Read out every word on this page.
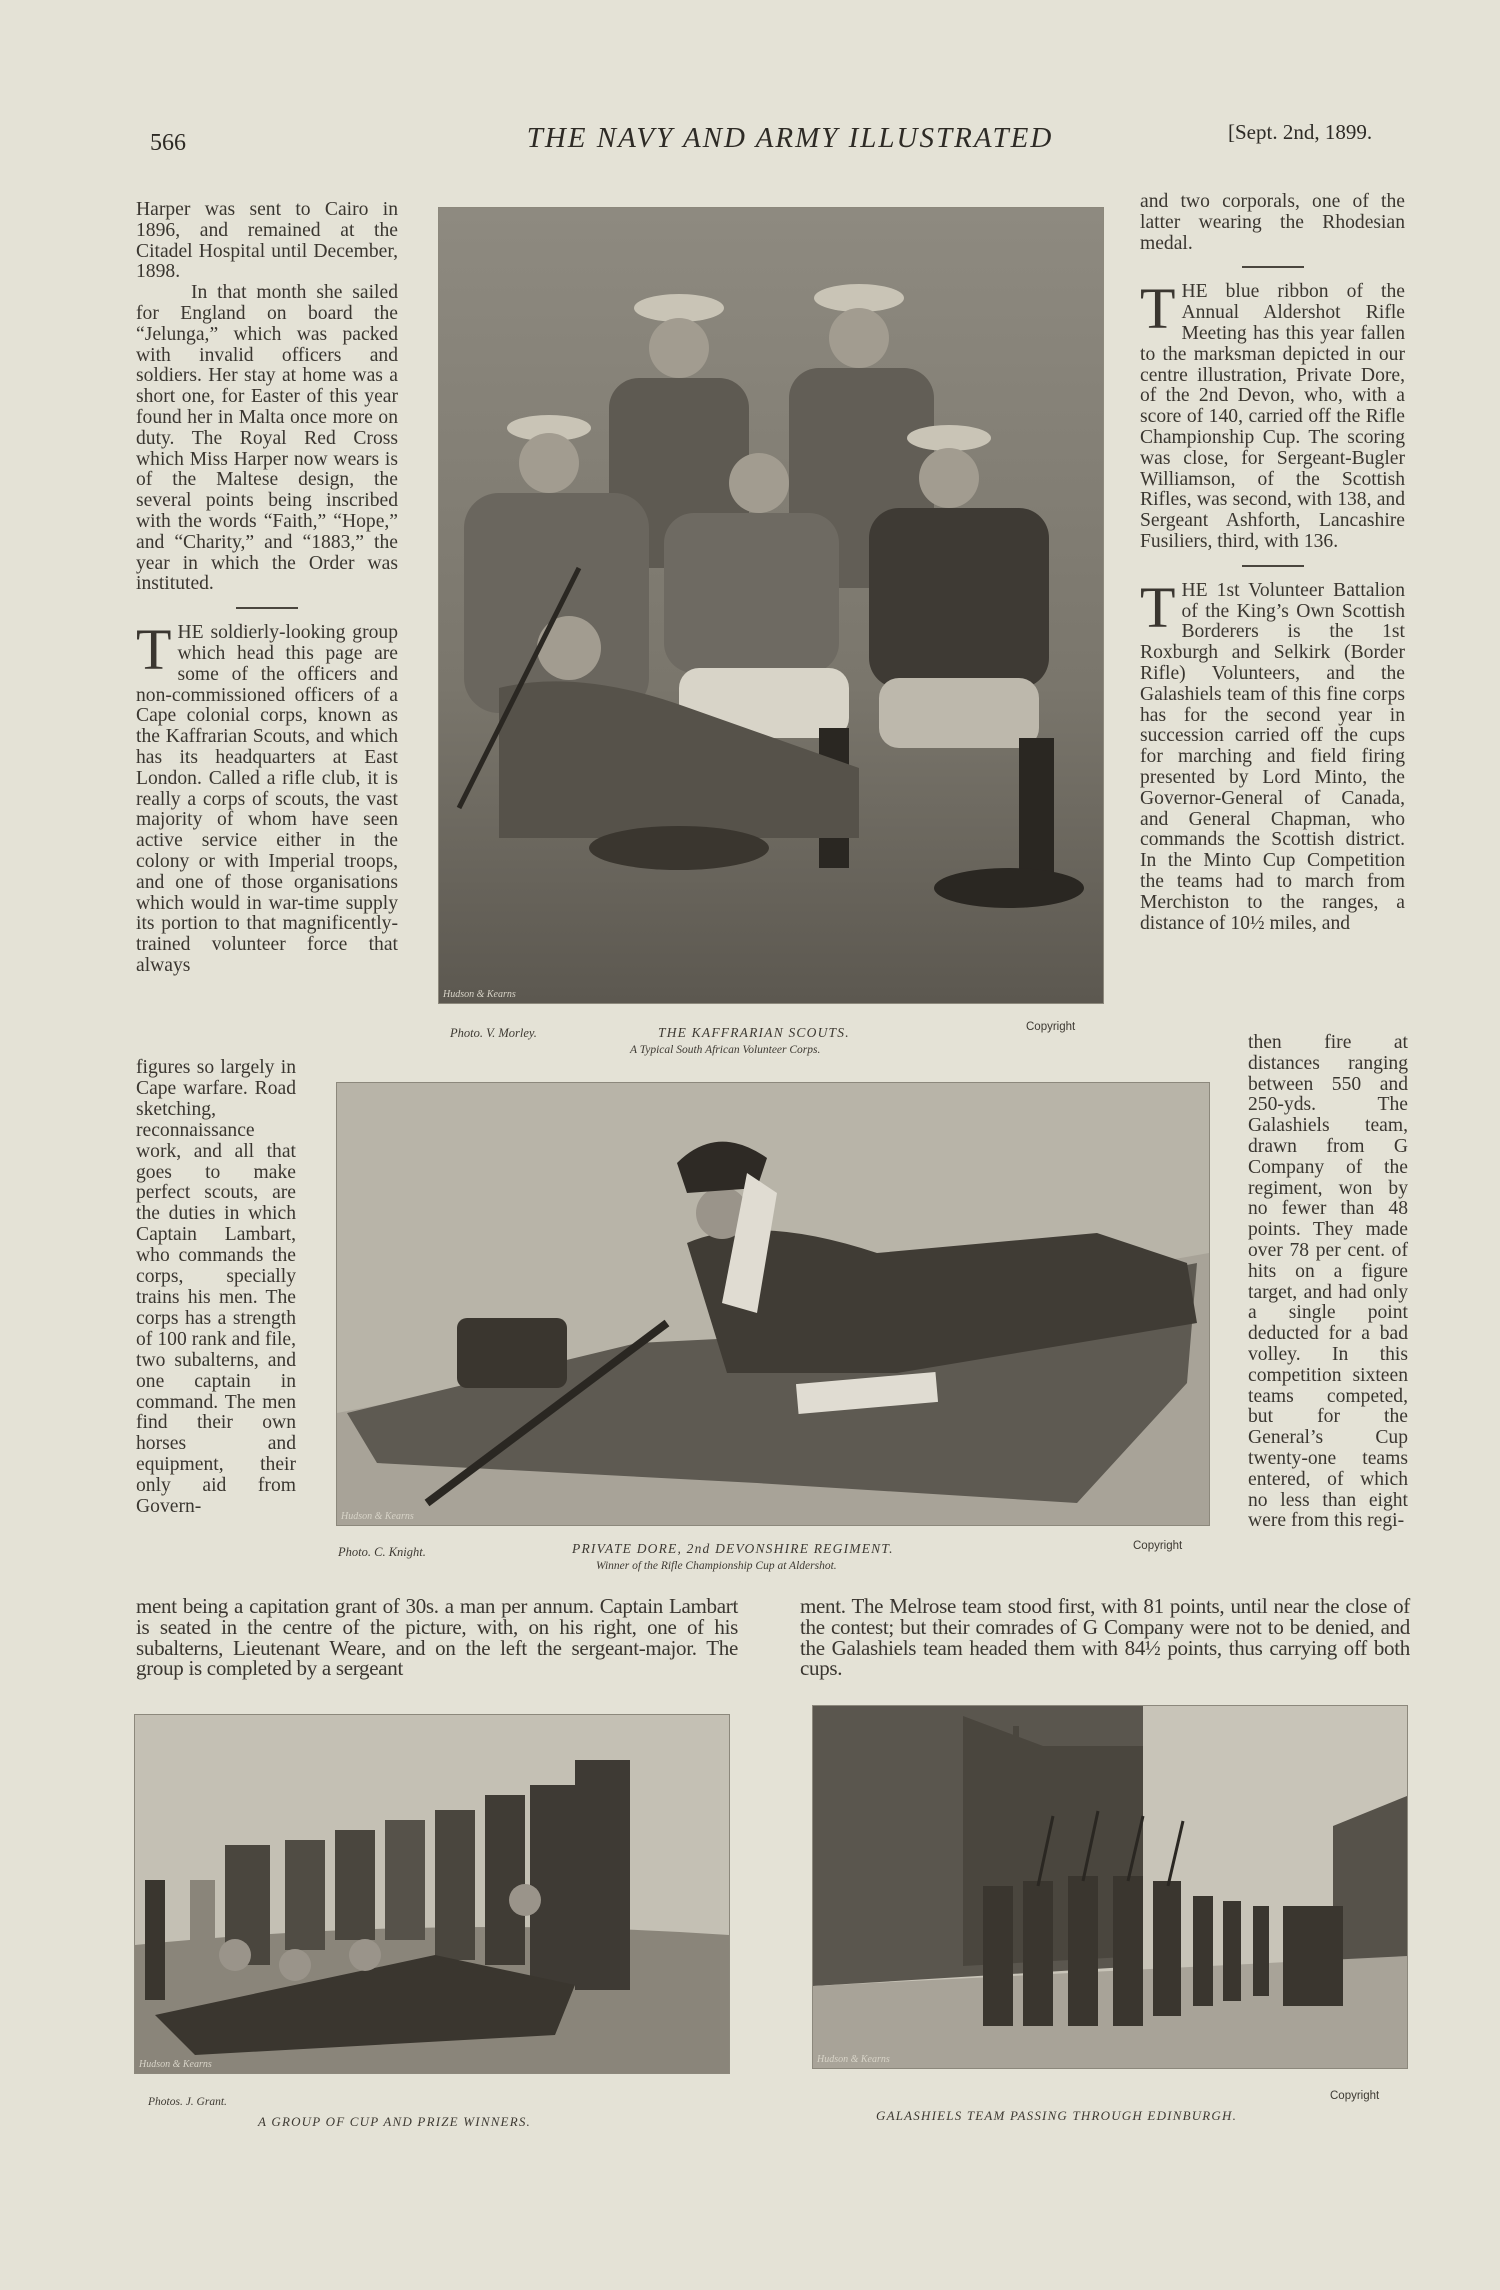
566	THE NAVY AND ARMY ILLUSTRATED	[Sept. 2nd, 1899.

Harper was sent to Cairo in 1896, and remained at the Citadel Hospital until December, 1898.

In that month she sailed for England on board the “Jelunga,” which was packed with invalid officers and soldiers. Her stay at home was a short one, for Easter of this year found her in Malta once more on duty. The Royal Red Cross which Miss Harper now wears is of the Maltese design, the several points being inscribed with the words “Faith,” “Hope,” and “Charity,” and “1883,” the year in which the Order was instituted.

THE soldierly-looking group which head this page are some of the officers and non-commissioned officers of a Cape colonial corps, known as the Kaffrarian Scouts, and which has its headquarters at East London. Called a rifle club, it is really a corps of scouts, the vast majority of whom have seen active service either in the colony or with Imperial troops, and one of those organisations which would in war-time supply its portion to that magnificently-trained volunteer force that always

figures so largely in Cape warfare. Road sketching, reconnaissance work, and all that goes to make perfect scouts, are the duties in which Captain Lambart, who commands the corps, specially trains his men. The corps has a strength of 100 rank and file, two subalterns, and one captain in command. The men find their own horses and equipment, their only aid from Govern-

ment being a capitation grant of 30s. a man per annum. Captain Lambart is seated in the centre of the picture, with, on his right, one of his subalterns, Lieutenant Weare, and on the left the sergeant-major. The group is completed by a sergeant

and two corporals, one of the latter wearing the Rhodesian medal.

THE blue ribbon of the Annual Aldershot Rifle Meeting has this year fallen to the marksman depicted in our centre illustration, Private Dore, of the 2nd Devon, who, with a score of 140, carried off the Rifle Championship Cup. The scoring was close, for Sergeant-Bugler Williamson, of the Scottish Rifles, was second, with 138, and Sergeant Ashforth, Lancashire Fusiliers, third, with 136.

THE 1st Volunteer Battalion of the King’s Own Scottish Borderers is the 1st Roxburgh and Selkirk (Border Rifle) Volunteers, and the Galashiels team of this fine corps has for the second year in succession carried off the cups for marching and field firing presented by Lord Minto, the Governor-General of Canada, and General Chapman, who commands the Scottish district. In the Minto Cup Competition the teams had to march from Merchiston to the ranges, a distance of 10½ miles, and

then fire at distances ranging between 550 and 250-yds. The Galashiels team, drawn from G Company of the regiment, won by no fewer than 48 points. They made over 78 per cent. of hits on a figure target, and had only a single point deducted for a bad volley. In this competition sixteen teams competed, but for the General’s Cup twenty-one teams entered, of which no less than eight were from this regi-

ment. The Melrose team stood first, with 81 points, until near the close of the contest; but their comrades of G Company were not to be denied, and the Galashiels team headed them with 84½ points, thus carrying off both cups.

Hudson & Kearns
Photo. V. Morley.	THE KAFFRARIAN SCOUTS.
A Typical South African Volunteer Corps.
Copyright
Hudson & Kearns
Photo. C. Knight.	PRIVATE DORE, 2nd DEVONSHIRE REGIMENT.
Winner of the Rifle Championship Cup at Aldershot.
Copyright
Hudson & Kearns
Photos. J. Grant.
A GROUP OF CUP AND PRIZE WINNERS.
Hudson & Kearns
Copyright
GALASHIELS TEAM PASSING THROUGH EDINBURGH.
